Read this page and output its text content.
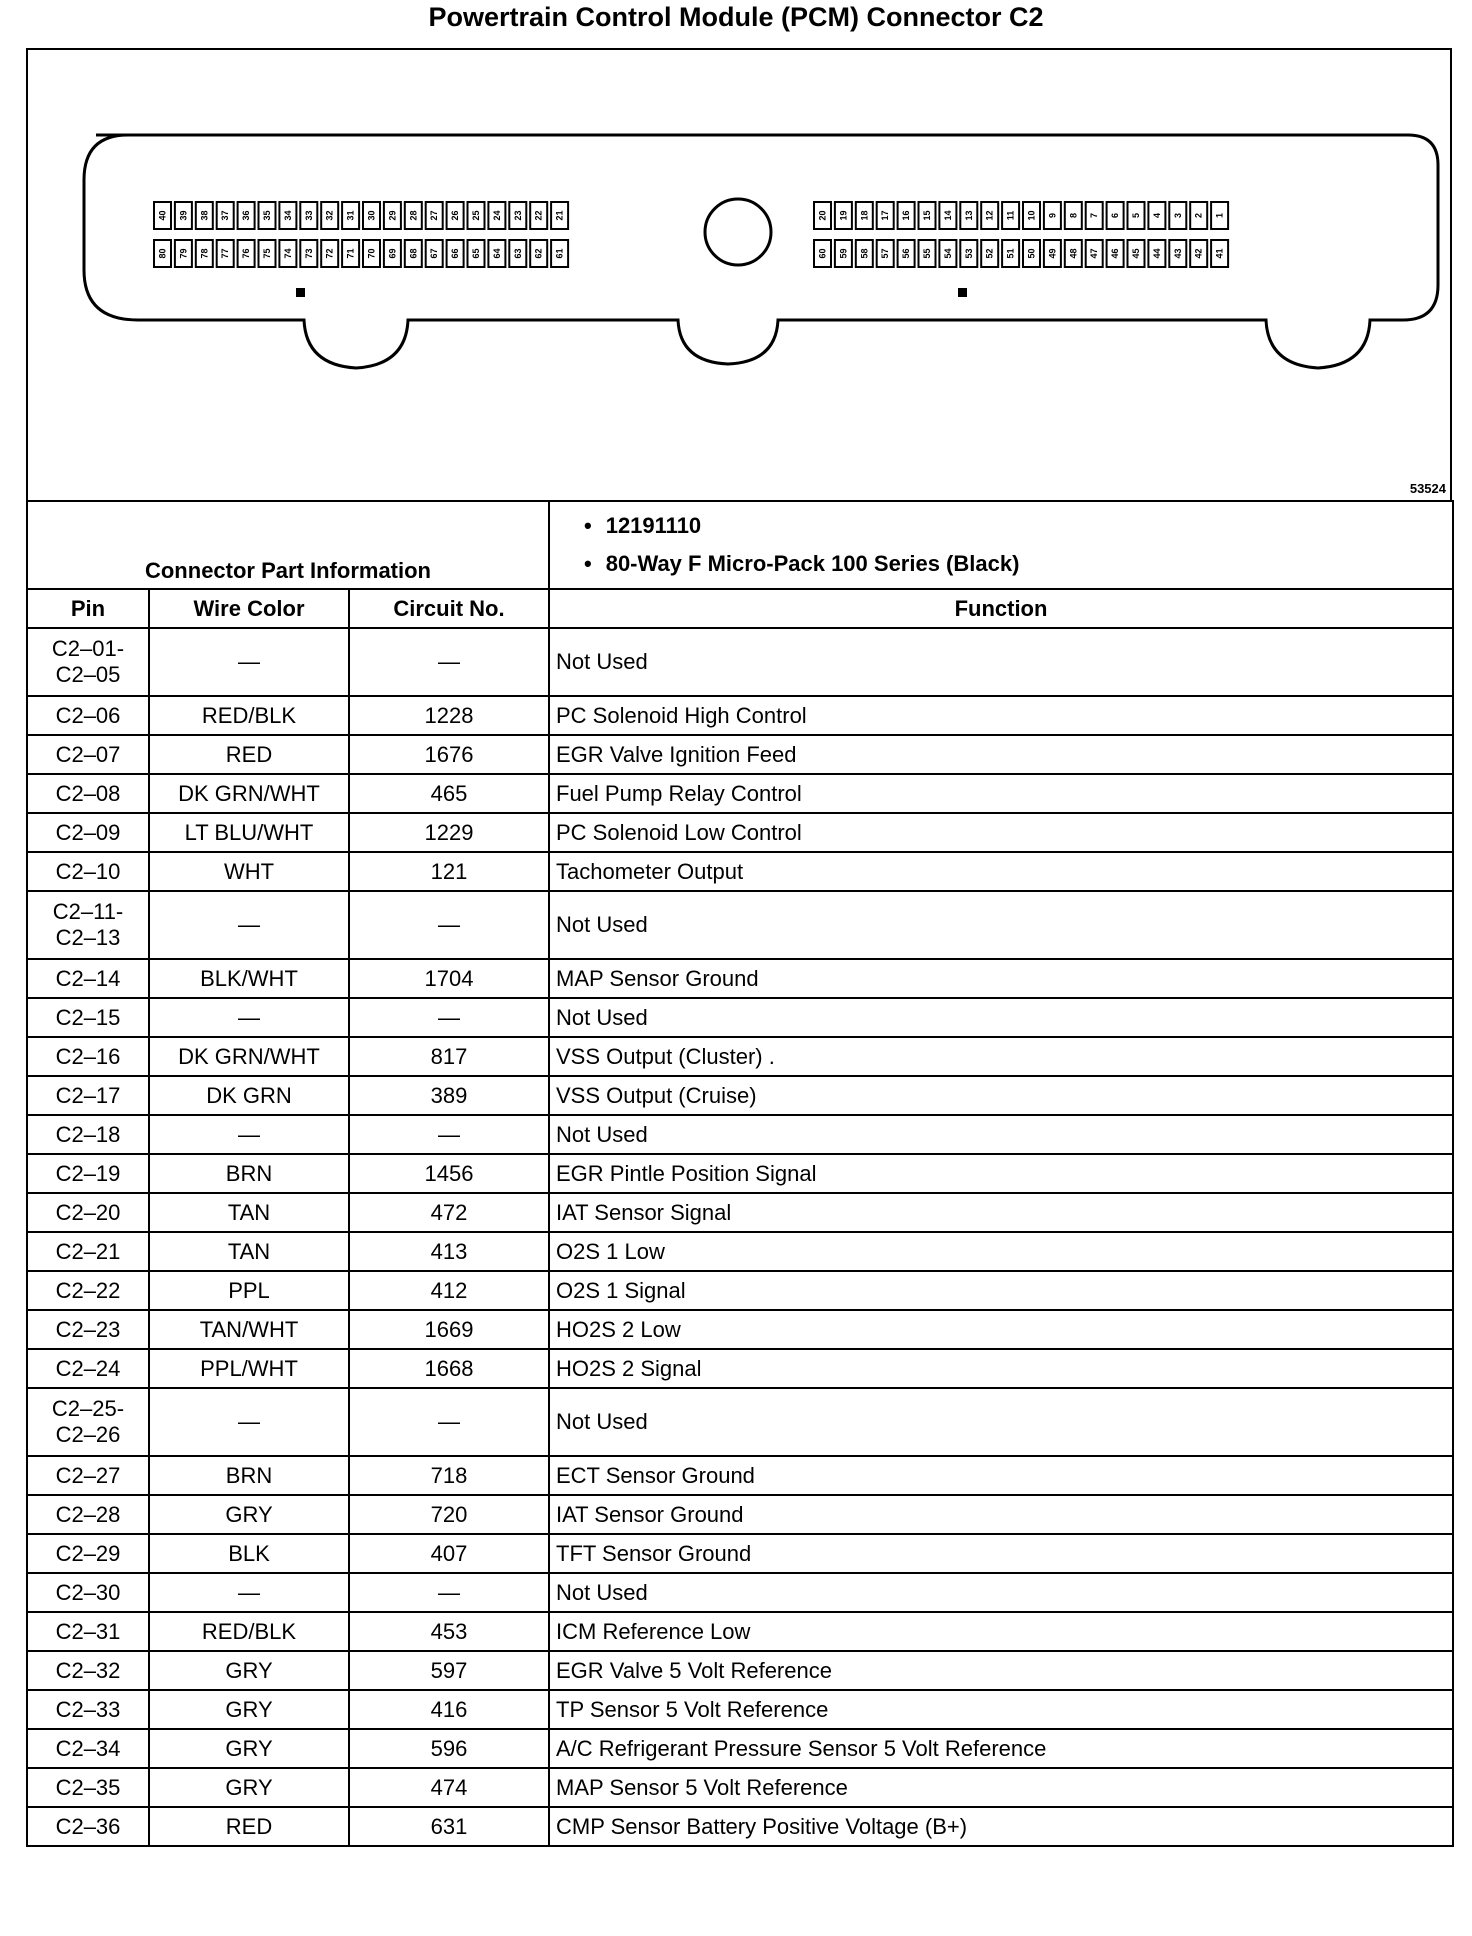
Powertrain Control Module (PCM) Connector C2
40 39 38 37 36 35 34 33 32 31 30 29 28 27 26 25 24 23 22 21
80 79 78 77 76 75 74 73 72 71 70 69 68 67 66 65 64 63 62 61
20 19 18 17 16 15 14 13 12 11 10 9 8 7 6 5 4 3 2 1
60 59 58 57 56 55 54 53 52 51 50 49 48 47 46 45 44 43 42 41
53524
Connector Part Information			• 12191110
• 80-Way F Micro-Pack 100 Series (Black)

Pin	Wire Color	Circuit No.	Function

C2–01-
C2–05	—	—	Not Used

C2–06	RED/BLK	1228	PC Solenoid High Control

C2–07	RED	1676	EGR Valve Ignition Feed

C2–08	DK GRN/WHT	465	Fuel Pump Relay Control

C2–09	LT BLU/WHT	1229	PC Solenoid Low Control

C2–10	WHT	121	Tachometer Output

C2–11-
C2–13	—	—	Not Used

C2–14	BLK/WHT	1704	MAP Sensor Ground

C2–15	—	—	Not Used

C2–16	DK GRN/WHT	817	VSS Output (Cluster) .

C2–17	DK GRN	389	VSS Output (Cruise)

C2–18	—	—	Not Used

C2–19	BRN	1456	EGR Pintle Position Signal

C2–20	TAN	472	IAT Sensor Signal

C2–21	TAN	413	O2S 1 Low

C2–22	PPL	412	O2S 1 Signal

C2–23	TAN/WHT	1669	HO2S 2 Low

C2–24	PPL/WHT	1668	HO2S 2 Signal

C2–25-
C2–26	—	—	Not Used

C2–27	BRN	718	ECT Sensor Ground

C2–28	GRY	720	IAT Sensor Ground

C2–29	BLK	407	TFT Sensor Ground

C2–30	—	—	Not Used

C2–31	RED/BLK	453	ICM Reference Low

C2–32	GRY	597	EGR Valve 5 Volt Reference

C2–33	GRY	416	TP Sensor 5 Volt Reference

C2–34	GRY	596	A/C Refrigerant Pressure Sensor 5 Volt Reference

C2–35	GRY	474	MAP Sensor 5 Volt Reference

C2–36	RED	631	CMP Sensor Battery Positive Voltage (B+)
